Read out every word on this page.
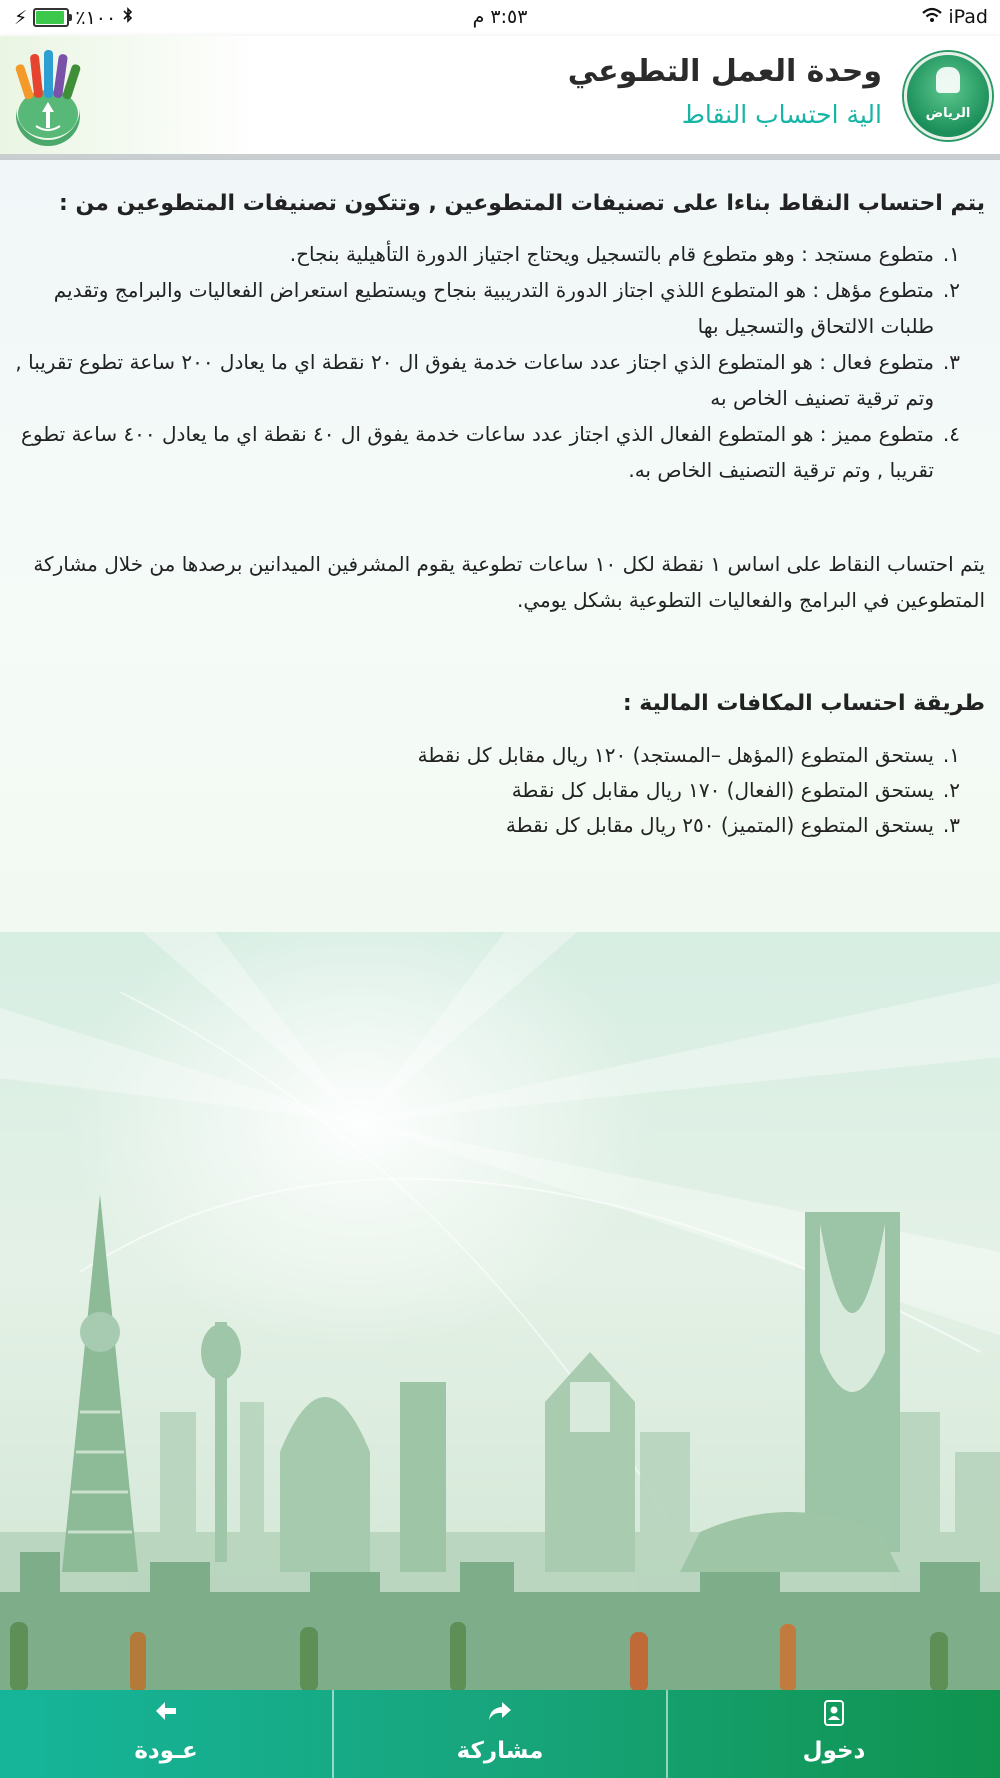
⚡	٪١٠٠	٣:٥٣ م	iPad
الرياض
وحدة العمل التطوعي
الية احتساب النقاط

يتم احتساب النقاط بناءا على تصنيفات المتطوعين , وتتكون تصنيفات المتطوعين من :

متطوع مستجد : وهو متطوع قام بالتسجيل ويحتاج اجتياز الدورة التأهيلية بنجاح.
متطوع مؤهل : هو المتطوع اللذي اجتاز الدورة التدريبية بنجاح ويستطيع استعراض الفعاليات والبرامج وتقديم طلبات الالتحاق والتسجيل بها
متطوع فعال : هو المتطوع الذي اجتاز عدد ساعات خدمة يفوق ال ٢٠ نقطة اي ما يعادل ٢٠٠ ساعة تطوع تقريبا , وتم ترقية تصنيف الخاص به
متطوع مميز : هو المتطوع الفعال الذي اجتاز عدد ساعات خدمة يفوق ال ٤٠ نقطة اي ما يعادل ٤٠٠ ساعة تطوع تقريبا , وتم ترقية التصنيف الخاص به.

يتم احتساب النقاط على اساس ١ نقطة لكل ١٠ ساعات تطوعية يقوم المشرفين الميدانين برصدها من خلال مشاركة المتطوعين في البرامج والفعاليات التطوعية بشكل يومي.

طريقة احتساب المكافات المالية :

يستحق المتطوع (المؤهل –المستجد) ١٢٠ ريال مقابل كل نقطة
يستحق المتطوع (الفعال) ١٧٠ ريال مقابل كل نقطة
يستحق المتطوع (المتميز) ٢٥٠ ريال مقابل كل نقطة
عـودة	مشاركة	دخول
